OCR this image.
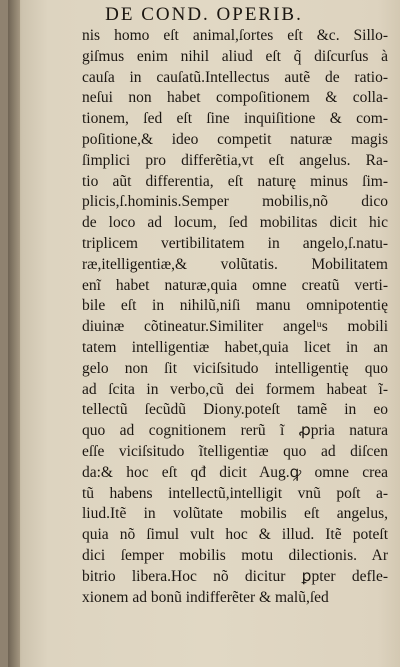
DE COND. OPERIB.
nis homo eſt animal,ſortes eſt &c. Sillo-
giſmus enim nihil aliud eſt q̃ diſcurſus à
cauſa in cauſatũ.Intellectus autẽ de ratio-
neſui non habet compoſitionem & colla-
tionem, ſed eſt ſine inquiſitione & com-
poſitione,& ideo competit naturæ magis
ſimplici pro differẽtia,vt eſt angelus. Ra-
tio aũt differentia, eſt naturę minus ſim-
plicis,ſ.hominis.Semper mobilis,nõ dico
de loco ad locum, ſed mobilitas dicit hic
triplicem vertibilitatem in angelo,ſ.natu-
ræ,itelligentiæ,& volũtatis. Mobilitatem
enĩ habet naturæ,quia omne creatũ verti-
bile eſt in nihilũ,niſi manu omnipotentię
diuinæ cõtineatur.Similiter angelᵘs mobili
tatem intelligentiæ habet,quia licet in an
gelo non ſit viciſsitudo intelligentię quo
ad ſcita in verbo,cũ dei formem habeat ĩ-
tellectũ ſecũdũ Diony.poteſt tamẽ in eo
quo ad cognitionem rerũ ĩ ꝓpria natura
eſſe viciſsitudo ĩtelligentiæ quo ad diſcen
da:& hoc eſt qđ dicit Aug.ꝙ omne crea
tũ habens intellectũ,intelligit vnũ poſt a-
liud.Itẽ in volũtate mobilis eſt angelus,
quia nõ ſimul vult hoc & illud. Itẽ poteſt
dici ſemper mobilis motu dilectionis. Ar
bitrio libera.Hoc nõ dicitur ꝑpter defle-
xionem ad bonũ indifferẽter & malũ,ſed
